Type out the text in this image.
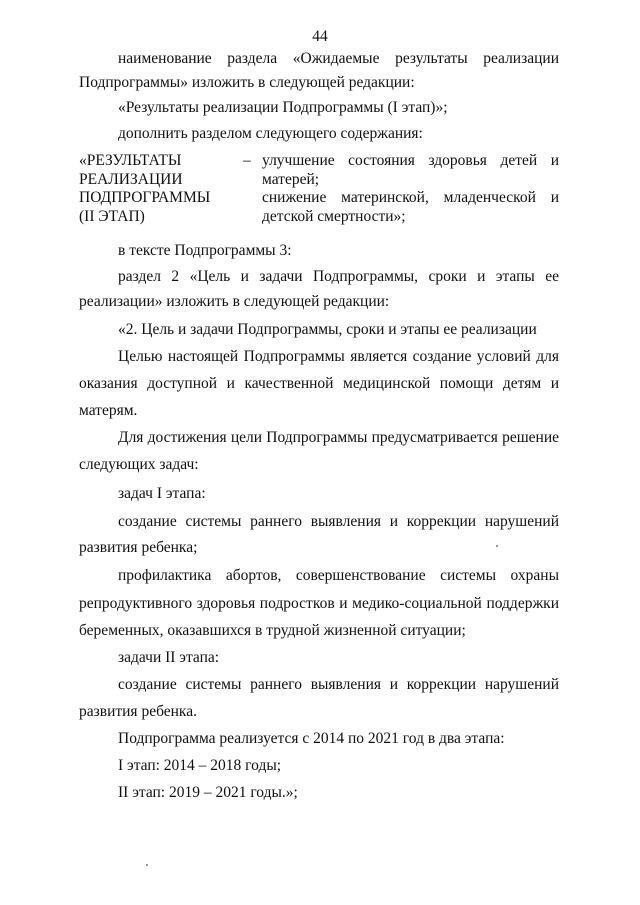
44
наименование раздела «Ожидаемые результаты реализации
Подпрограммы» изложить в следующей редакции:
«Результаты реализации Подпрограммы (I этап)»;
дополнить разделом следующего содержания:
«РЕЗУЛЬТАТЫ
РЕАЛИЗАЦИИ
ПОДПРОГРАММЫ
(II ЭТАП)
– улучшение состояния здоровья детей и
матерей;
снижение материнской, младенческой и
детской смертности»;
в тексте Подпрограммы 3:
раздел 2 «Цель и задачи Подпрограммы, сроки и этапы ее
реализации» изложить в следующей редакции:
«2. Цель и задачи Подпрограммы, сроки и этапы ее реализации
Целью настоящей Подпрограммы является создание условий для
оказания доступной и качественной медицинской помощи детям и
матерям.
Для достижения цели Подпрограммы предусматривается решение
следующих задач:
задач I этапа:
создание системы раннего выявления и коррекции нарушений
развития ребенка;
профилактика абортов, совершенствование системы охраны
репродуктивного здоровья подростков и медико-социальной поддержки
беременных, оказавшихся в трудной жизненной ситуации;
задачи II этапа:
создание системы раннего выявления и коррекции нарушений
развития ребенка.
Подпрограмма реализуется с 2014 по 2021 год в два этапа:
I этап: 2014 – 2018 годы;
II этап: 2019 – 2021 годы.»;
